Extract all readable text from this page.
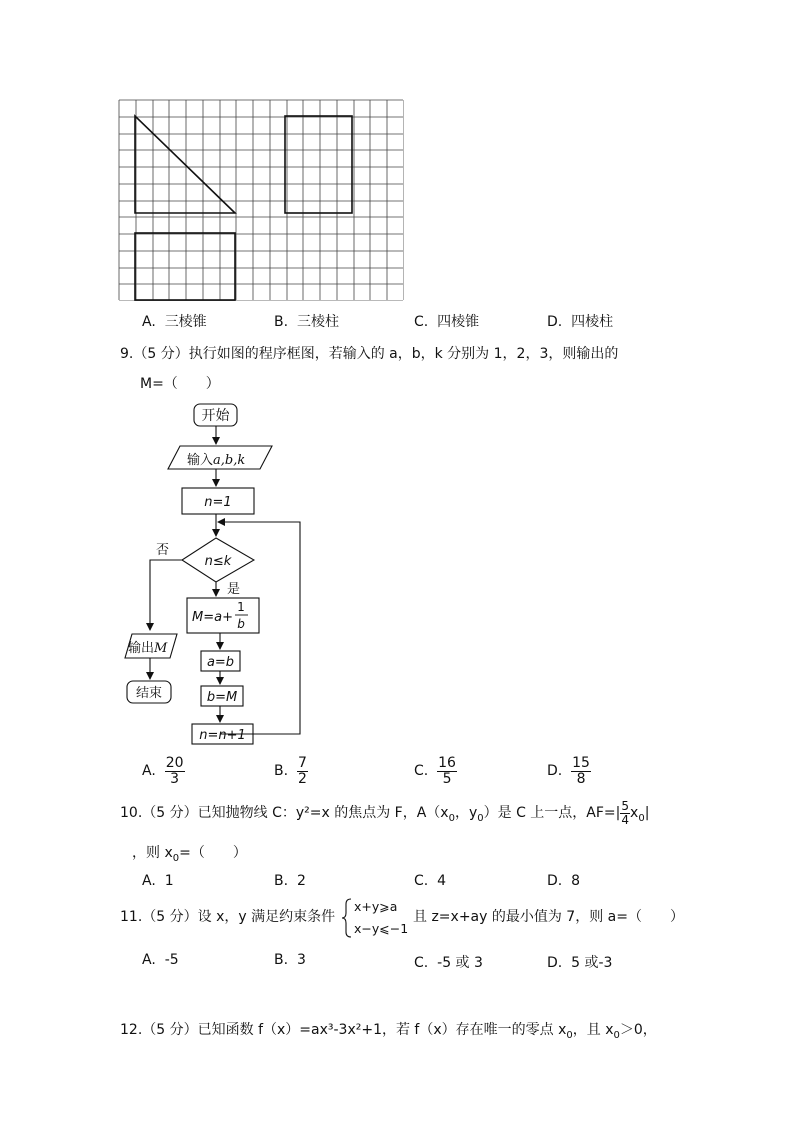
A. 三棱锥	B. 三棱柱	C. 四棱锥	D. 四棱柱
9.（5 分）执行如图的程序框图，若输入的 a，b，k 分别为 1，2，3，则输出的
M=（　　）
开始
输入a,b,k
n=1
n≤k
否
是
M=a+
1
b
a=b
b=M
n=n+1
输出M
结束
A. $\frac{20}{3}$	B. $\frac{7}{2}$	C. $\frac{16}{5}$	D. $\frac{15}{8}$
10.（5 分）已知抛物线 C：y²=x 的焦点为 F，$A(x_0$，$y_0$）是 C 上一点，$AF=| \frac{5}{4} x_0|$
，则 $x_0=$（　　）
A. 1	B. 2	C. 4	D. 8
11.（5 分）设 x，y 满足约束条件
x+y⩾a
x−y⩽−1
且 z=x+ay 的最小值为 7，则 a=（　　）
A. -5	B. 3	C. -5 或 3	D. 5 或-3
12.（5 分）已知函数 f（x）=ax³-3x²+1，若 f（x）存在唯一的零点 $x_0$，且 $x_0>0$，
